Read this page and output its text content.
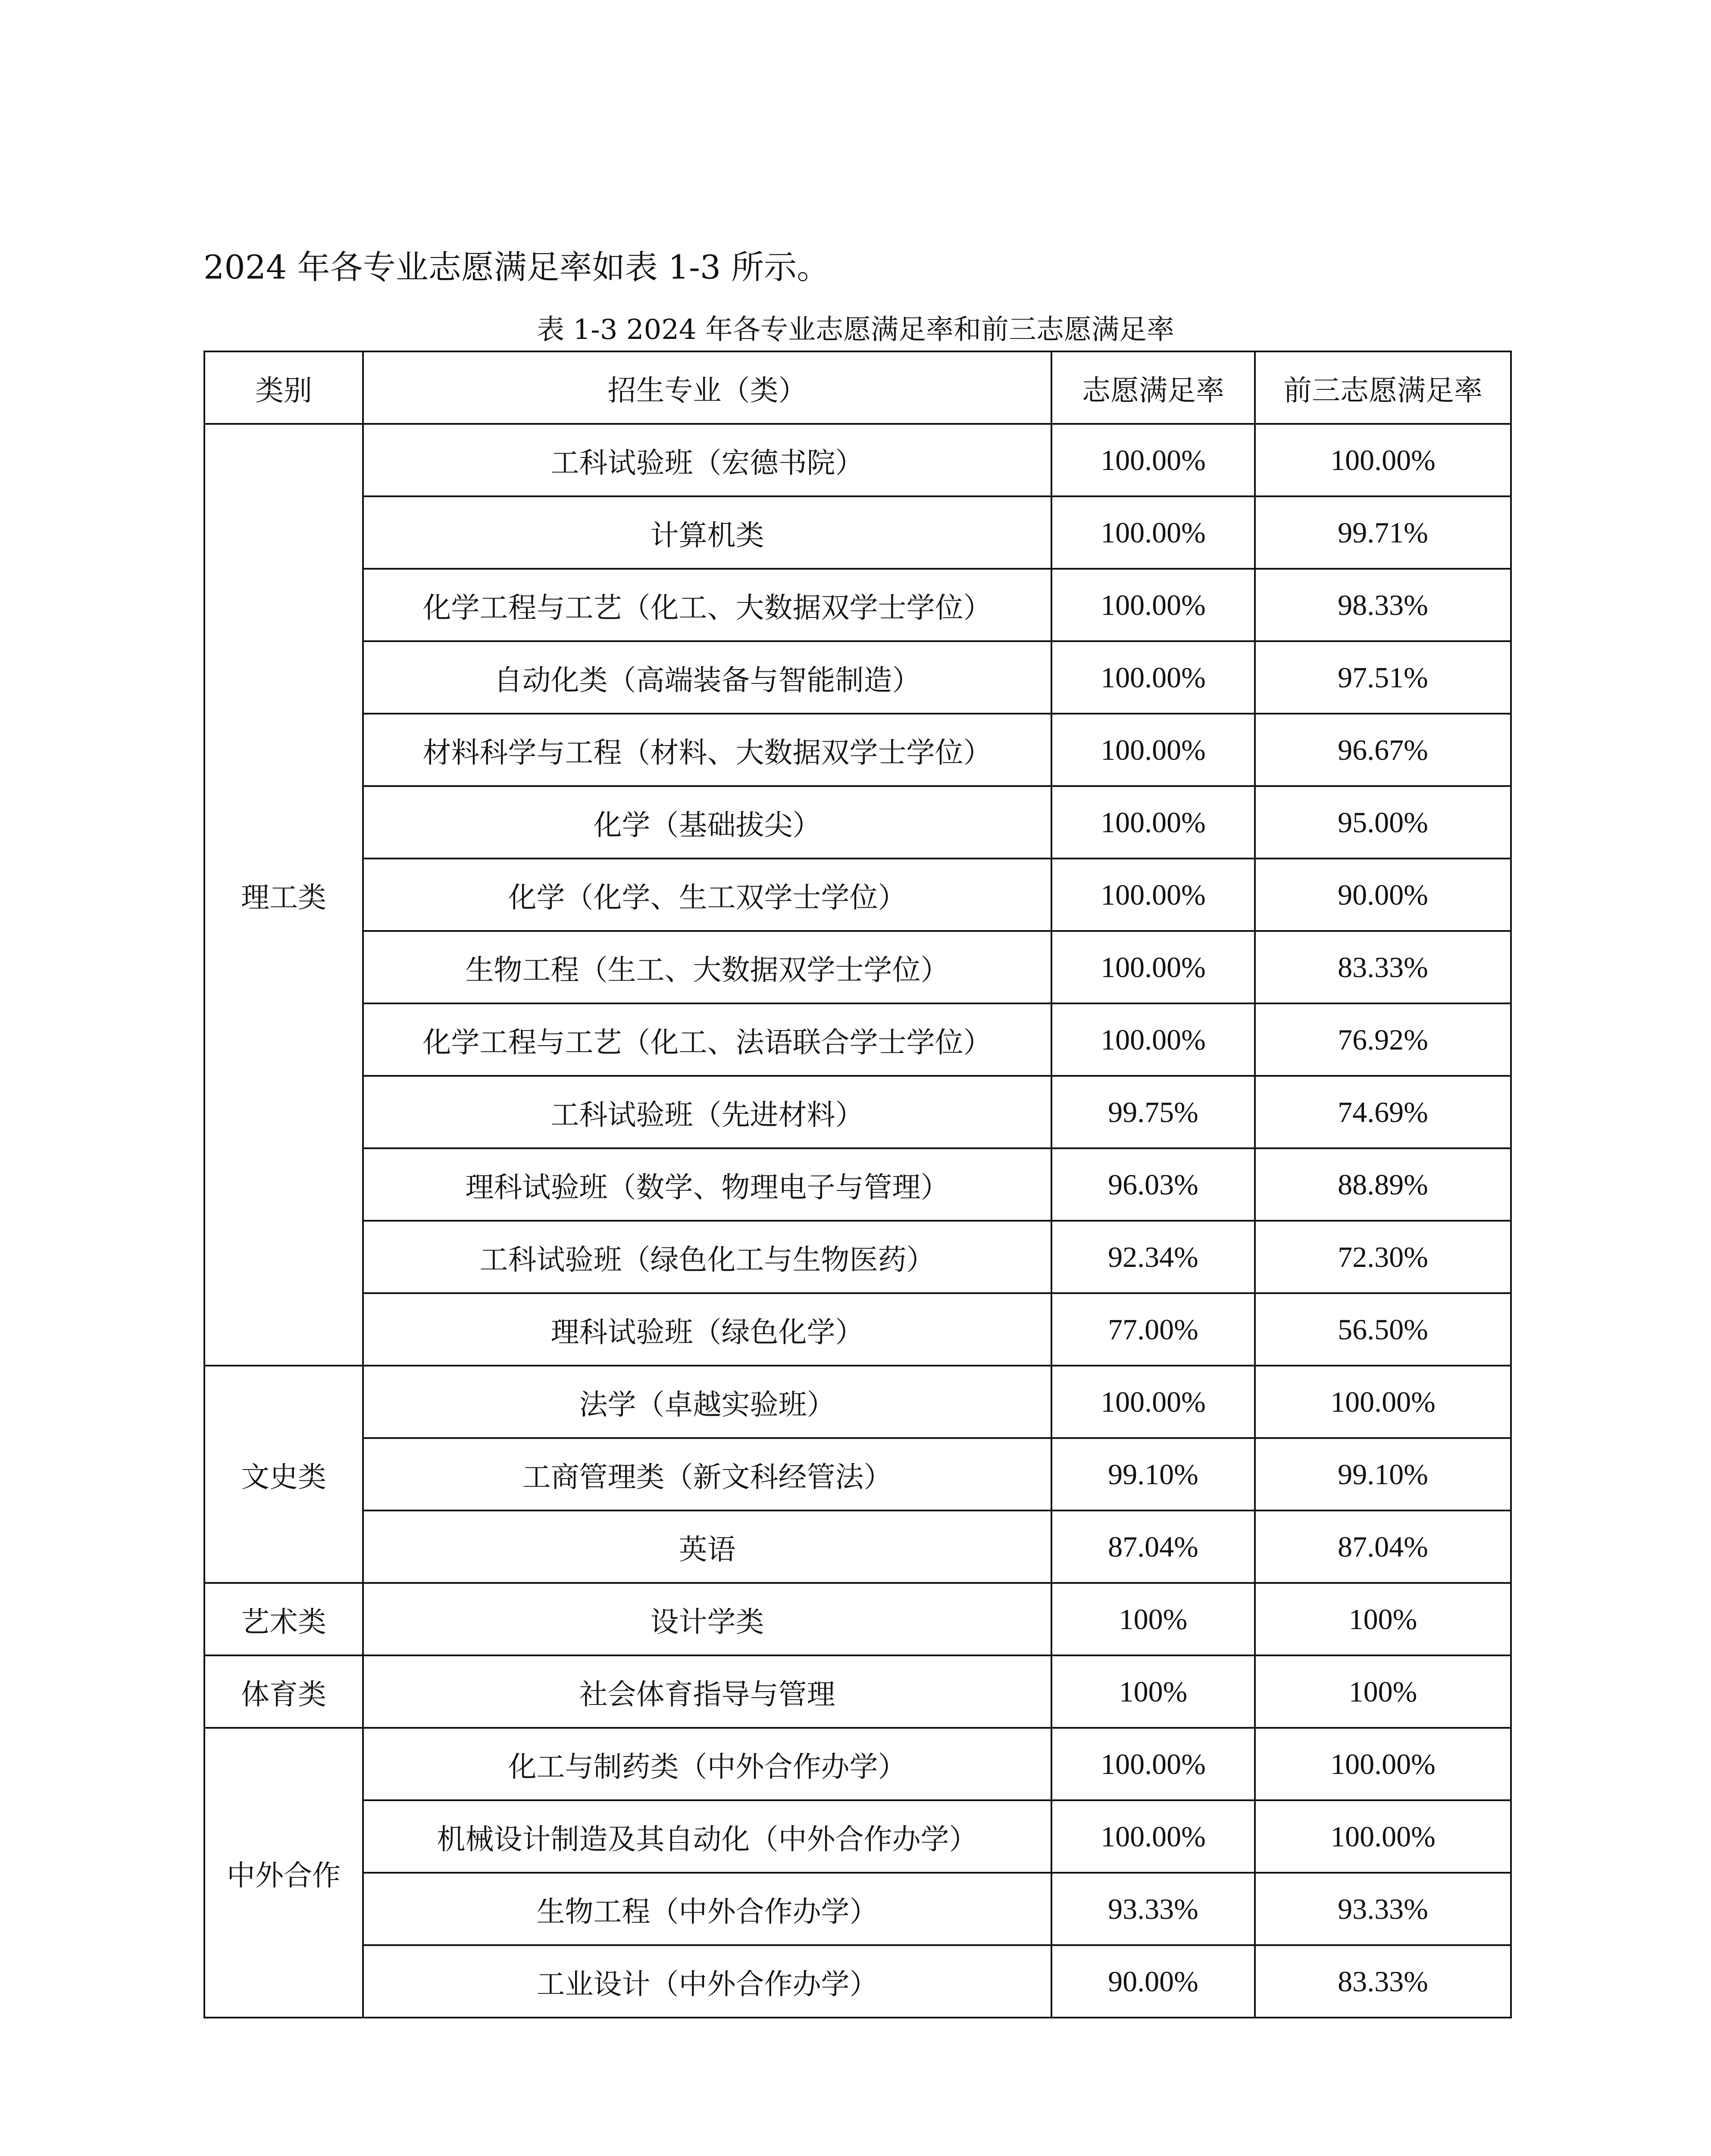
2024 年各专业志愿满足率如表 1-3 所示。
表 1-3 2024 年各专业志愿满足率和前三志愿满足率
类别	招生专业（类）	志愿满足率	前三志愿满足率
理工类	工科试验班（宏德书院）	100.00%	100.00%
	计算机类	100.00%	99.71%
	化学工程与工艺（化工、大数据双学士学位）	100.00%	98.33%
	自动化类（高端装备与智能制造）	100.00%	97.51%
	材料科学与工程（材料、大数据双学士学位）	100.00%	96.67%
	化学（基础拔尖）	100.00%	95.00%
	化学（化学、生工双学士学位）	100.00%	90.00%
	生物工程（生工、大数据双学士学位）	100.00%	83.33%
	化学工程与工艺（化工、法语联合学士学位）	100.00%	76.92%
	工科试验班（先进材料）	99.75%	74.69%
	理科试验班（数学、物理电子与管理）	96.03%	88.89%
	工科试验班（绿色化工与生物医药）	92.34%	72.30%
	理科试验班（绿色化学）	77.00%	56.50%
文史类	法学（卓越实验班）	100.00%	100.00%
	工商管理类（新文科经管法）	99.10%	99.10%
	英语	87.04%	87.04%
艺术类	设计学类	100%	100%
体育类	社会体育指导与管理	100%	100%
中外合作	化工与制药类（中外合作办学）	100.00%	100.00%
	机械设计制造及其自动化（中外合作办学）	100.00%	100.00%
	生物工程（中外合作办学）	93.33%	93.33%
	工业设计（中外合作办学）	90.00%	83.33%
